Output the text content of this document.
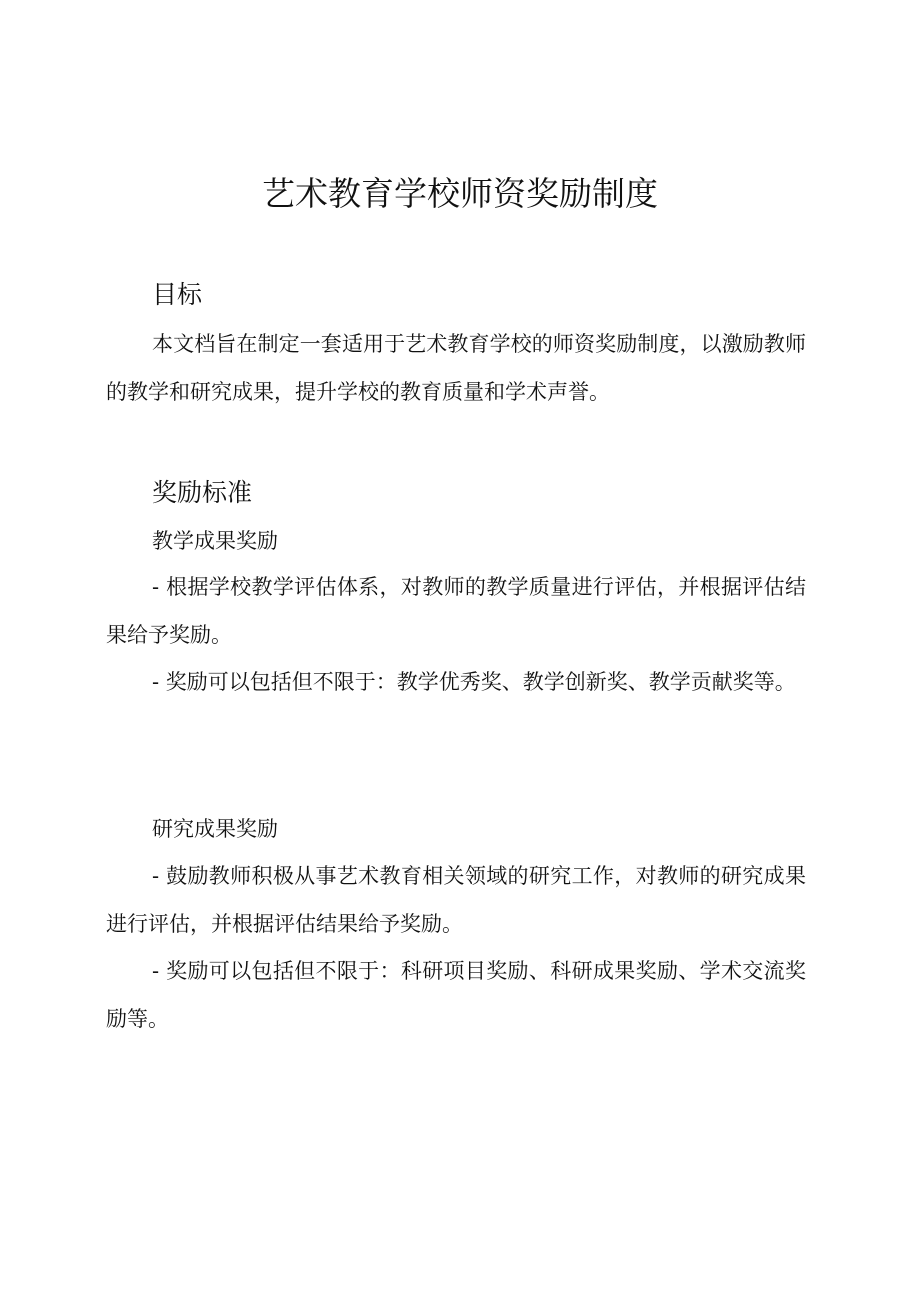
艺术教育学校师资奖励制度
目标

本文档旨在制定一套适用于艺术教育学校的师资奖励制度，以激励教师的教学和研究成果，提升学校的教育质量和学术声誉。

奖励标准
教学成果奖励

- 根据学校教学评估体系，对教师的教学质量进行评估，并根据评估结果给予奖励。

- 奖励可以包括但不限于：教学优秀奖、教学创新奖、教学贡献奖等。

研究成果奖励

- 鼓励教师积极从事艺术教育相关领域的研究工作，对教师的研究成果进行评估，并根据评估结果给予奖励。

- 奖励可以包括但不限于：科研项目奖励、科研成果奖励、学术交流奖励等。
